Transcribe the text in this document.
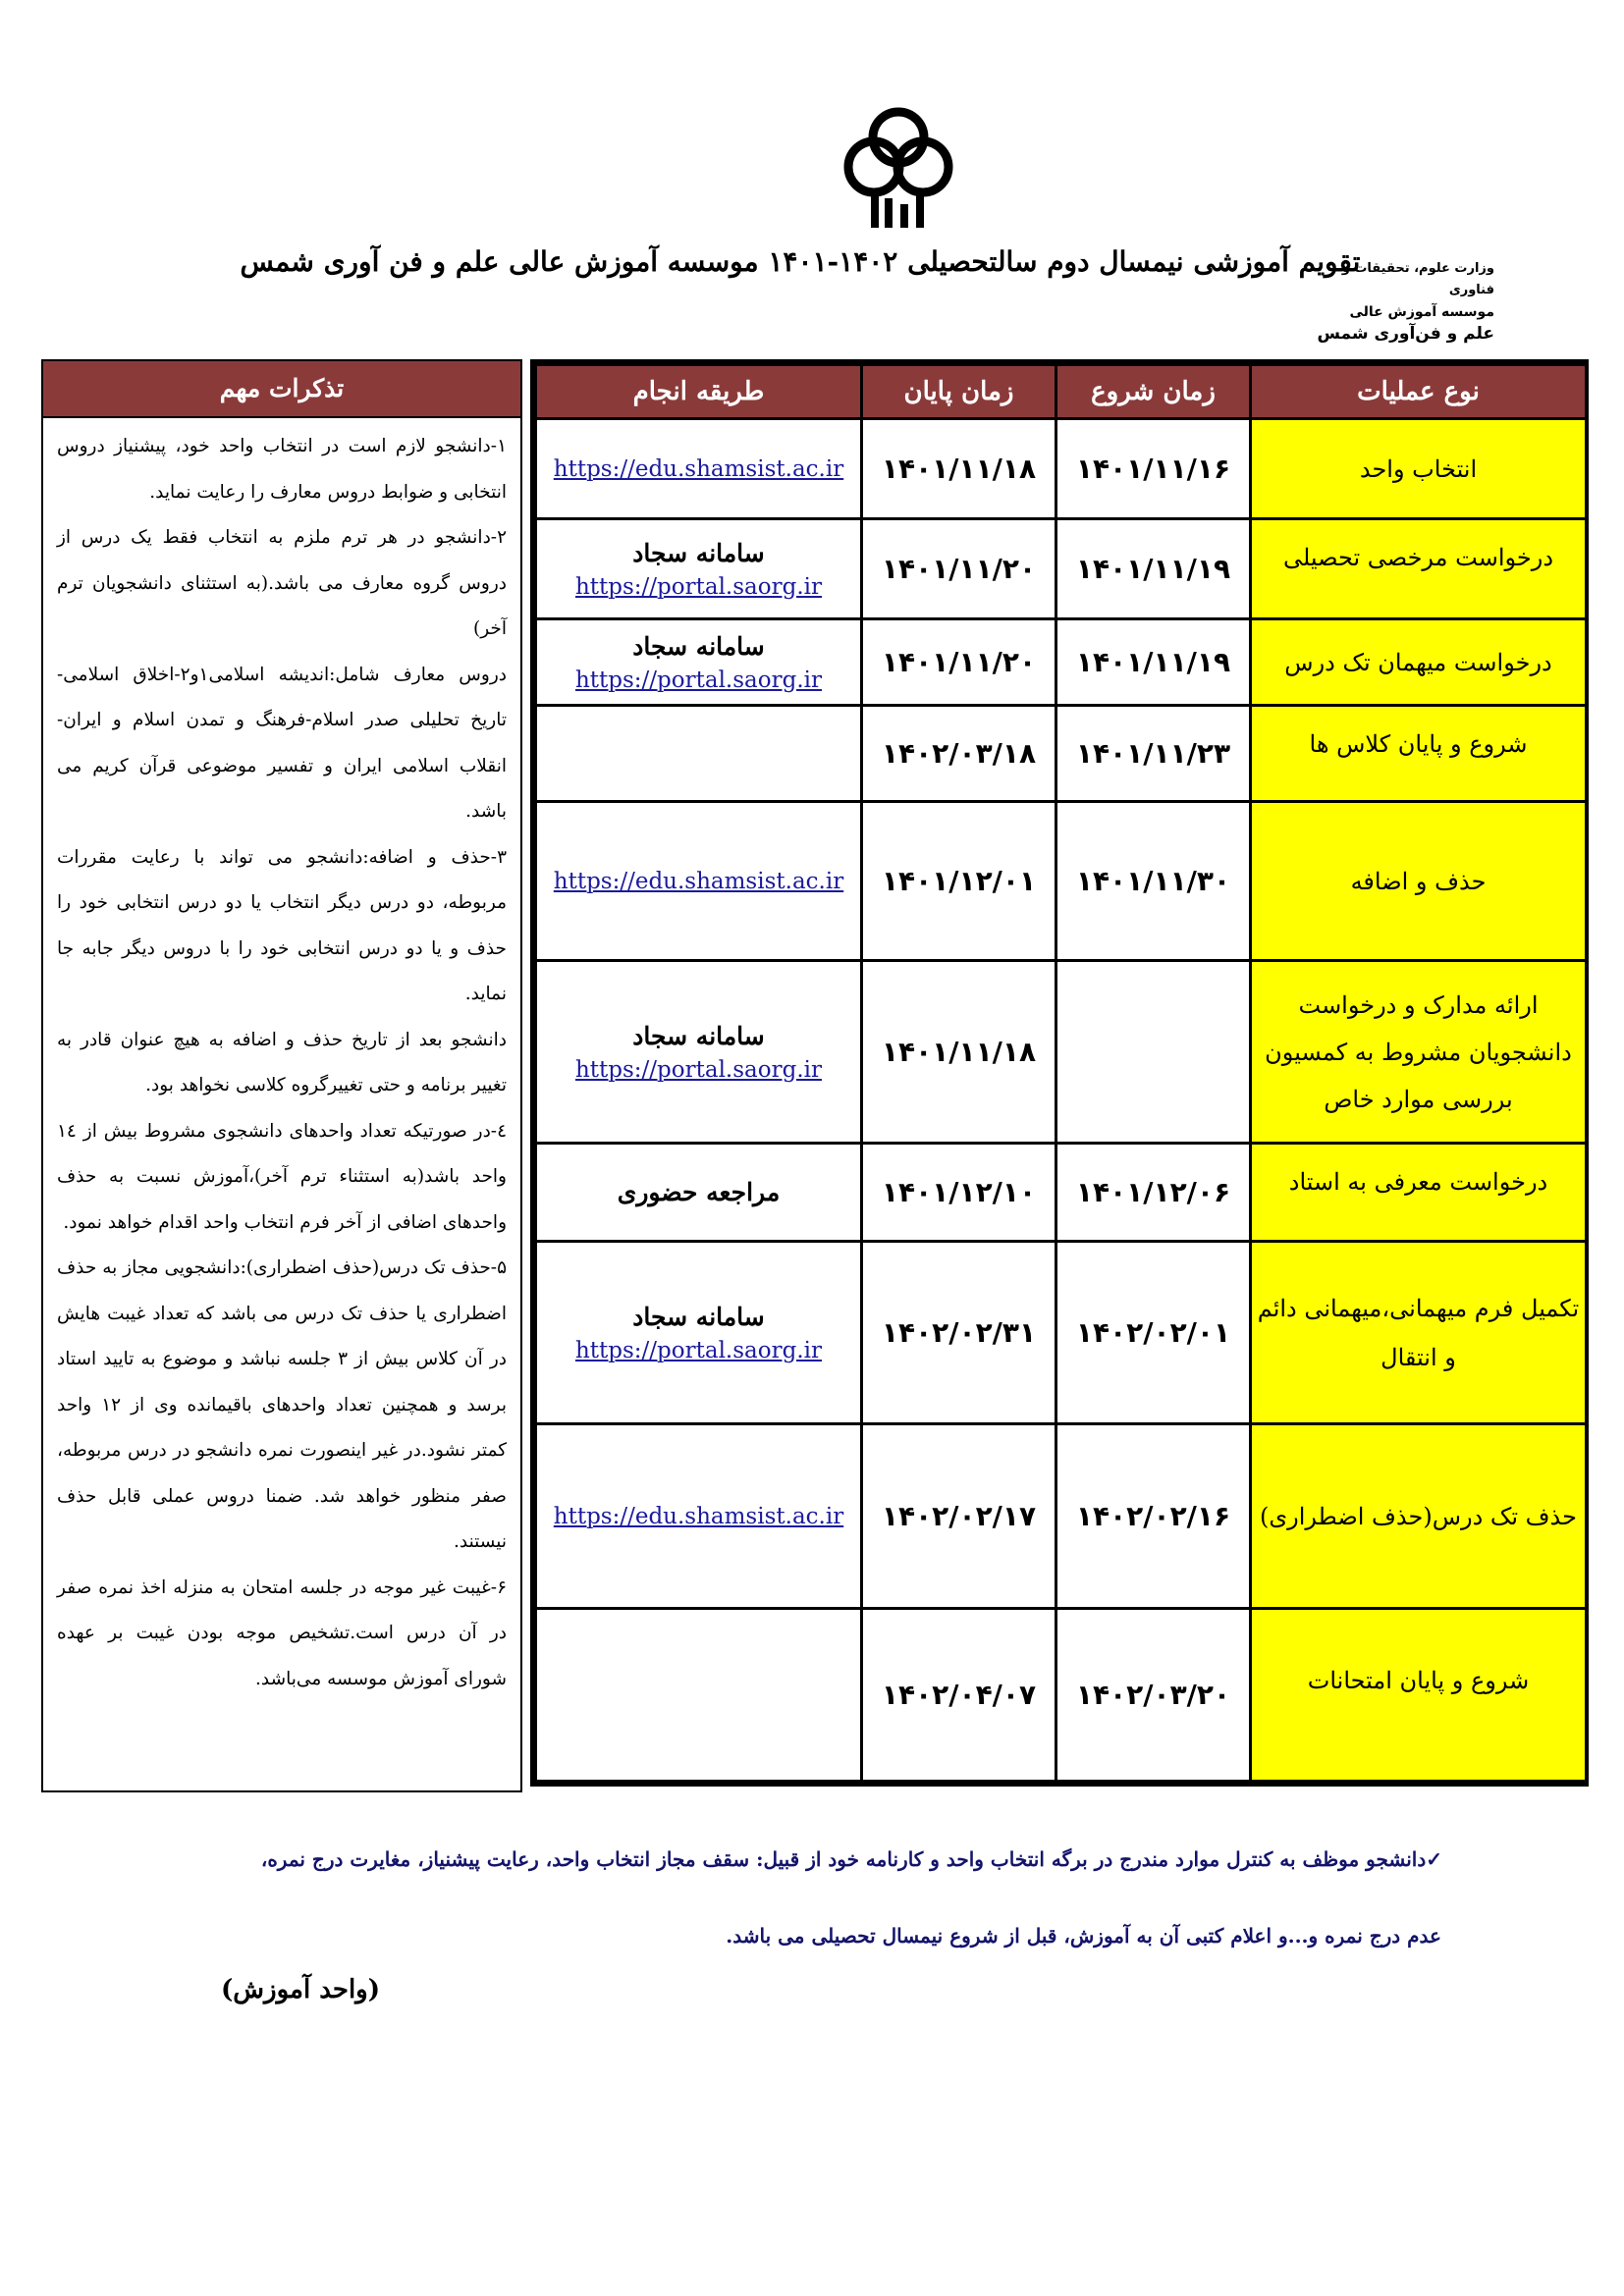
وزارت علوم، تحقیقات و فناوری
موسسه آموزش عالی
علم و فن‌آوری شمس
تقویم آموزشی نیمسال دوم سالتحصیلی ۱۴۰۲-۱۴۰۱ موسسه آموزش عالی علم و فن آوری شمس
تذکرات مهم

۱-دانشجو لازم است در انتخاب واحد خود، پیشنیاز دروس انتخابی و ضوابط دروس معارف را رعایت نماید.

۲-دانشجو در هر ترم ملزم به انتخاب فقط یک درس از دروس گروه معارف می باشد.(به استثنای دانشجویان ترم آخر)

دروس معارف شامل:اندیشه اسلامی۱و۲-اخلاق اسلامی-تاریخ تحلیلی صدر اسلام-فرهنگ و تمدن اسلام و ایران-انقلاب اسلامی ایران و تفسیر موضوعی قرآن کریم می باشد.

۳-حذف و اضافه:دانشجو می تواند با رعایت مقررات مربوطه، دو درس دیگر انتخاب یا دو درس انتخابی خود را حذف و یا دو درس انتخابی خود را با دروس دیگر جابه جا نماید.

دانشجو بعد از تاریخ حذف و اضافه به هیچ عنوان قادر به تغییر برنامه و حتی تغییرگروه کلاسی نخواهد بود.

٤-در صورتیکه تعداد واحدهای دانشجوی مشروط بیش از ١٤ واحد باشد(به استثناء ترم آخر)،آموزش نسبت به حذف واحدهای اضافی از آخر فرم انتخاب واحد اقدام خواهد نمود.

۵-حذف تک درس(حذف اضطراری):دانشجویی مجاز به حذف اضطراری یا حذف تک درس می باشد که تعداد غیبت هایش در آن کلاس بیش از ۳ جلسه نباشد و موضوع به تایید استاد برسد و همچنین تعداد واحدهای باقیمانده وی از ۱۲ واحد کمتر نشود.در غیر اینصورت نمره دانشجو در درس مربوطه، صفر منظور خواهد شد. ضمنا دروس عملی قابل حذف نیستند.

۶-غیبت غیر موجه در جلسه امتحان به منزله اخذ نمره صفر در آن درس است.تشخیص موجه بودن غیبت بر عهده شورای آموزش موسسه می‌باشد.

نوع عملیات	زمان شروع	زمان پایان	طریقه انجام
انتخاب واحد	۱۴۰۱/۱۱/۱۶	۱۴۰۱/۱۱/۱۸	https://edu.shamsist.ac.ir

درخواست مرخصی تحصیلی	۱۴۰۱/۱۱/۱۹	۱۴۰۱/۱۱/۲۰	سامانه سجاد
https://portal.saorg.ir

درخواست میهمان تک درس	۱۴۰۱/۱۱/۱۹	۱۴۰۱/۱۱/۲۰	سامانه سجاد
https://portal.saorg.ir

شروع و پایان کلاس ها	۱۴۰۱/۱۱/۲۳	۱۴۰۲/۰۳/۱۸	
حذف و اضافه	۱۴۰۱/۱۱/۳۰	۱۴۰۱/۱۲/۰۱	https://edu.shamsist.ac.ir

ارائه مدارک و درخواست دانشجویان مشروط به کمسیون بررسی موارد خاص		۱۴۰۱/۱۱/۱۸	سامانه سجاد
https://portal.saorg.ir

درخواست معرفی به استاد	۱۴۰۱/۱۲/۰۶	۱۴۰۱/۱۲/۱۰	مراجعه حضوری

تکمیل فرم میهمانی،میهمانی دائم و انتقال	۱۴۰۲/۰۲/۰۱	۱۴۰۲/۰۲/۳۱	سامانه سجاد
https://portal.saorg.ir

حذف تک درس(حذف اضطراری)	۱۴۰۲/۰۲/۱۶	۱۴۰۲/۰۲/۱۷	https://edu.shamsist.ac.ir

شروع و پایان امتحانات	۱۴۰۲/۰۳/۲۰	۱۴۰۲/۰۴/۰۷	
✓دانشجو موظف به کنترل موارد مندرج در برگه انتخاب واحد و کارنامه خود از قبیل: سقف مجاز انتخاب واحد، رعایت پیشنیاز، مغایرت درج نمره،
عدم درج نمره و...و اعلام کتبی آن به آموزش، قبل از شروع نیمسال تحصیلی می باشد.
(واحد آموزش)
